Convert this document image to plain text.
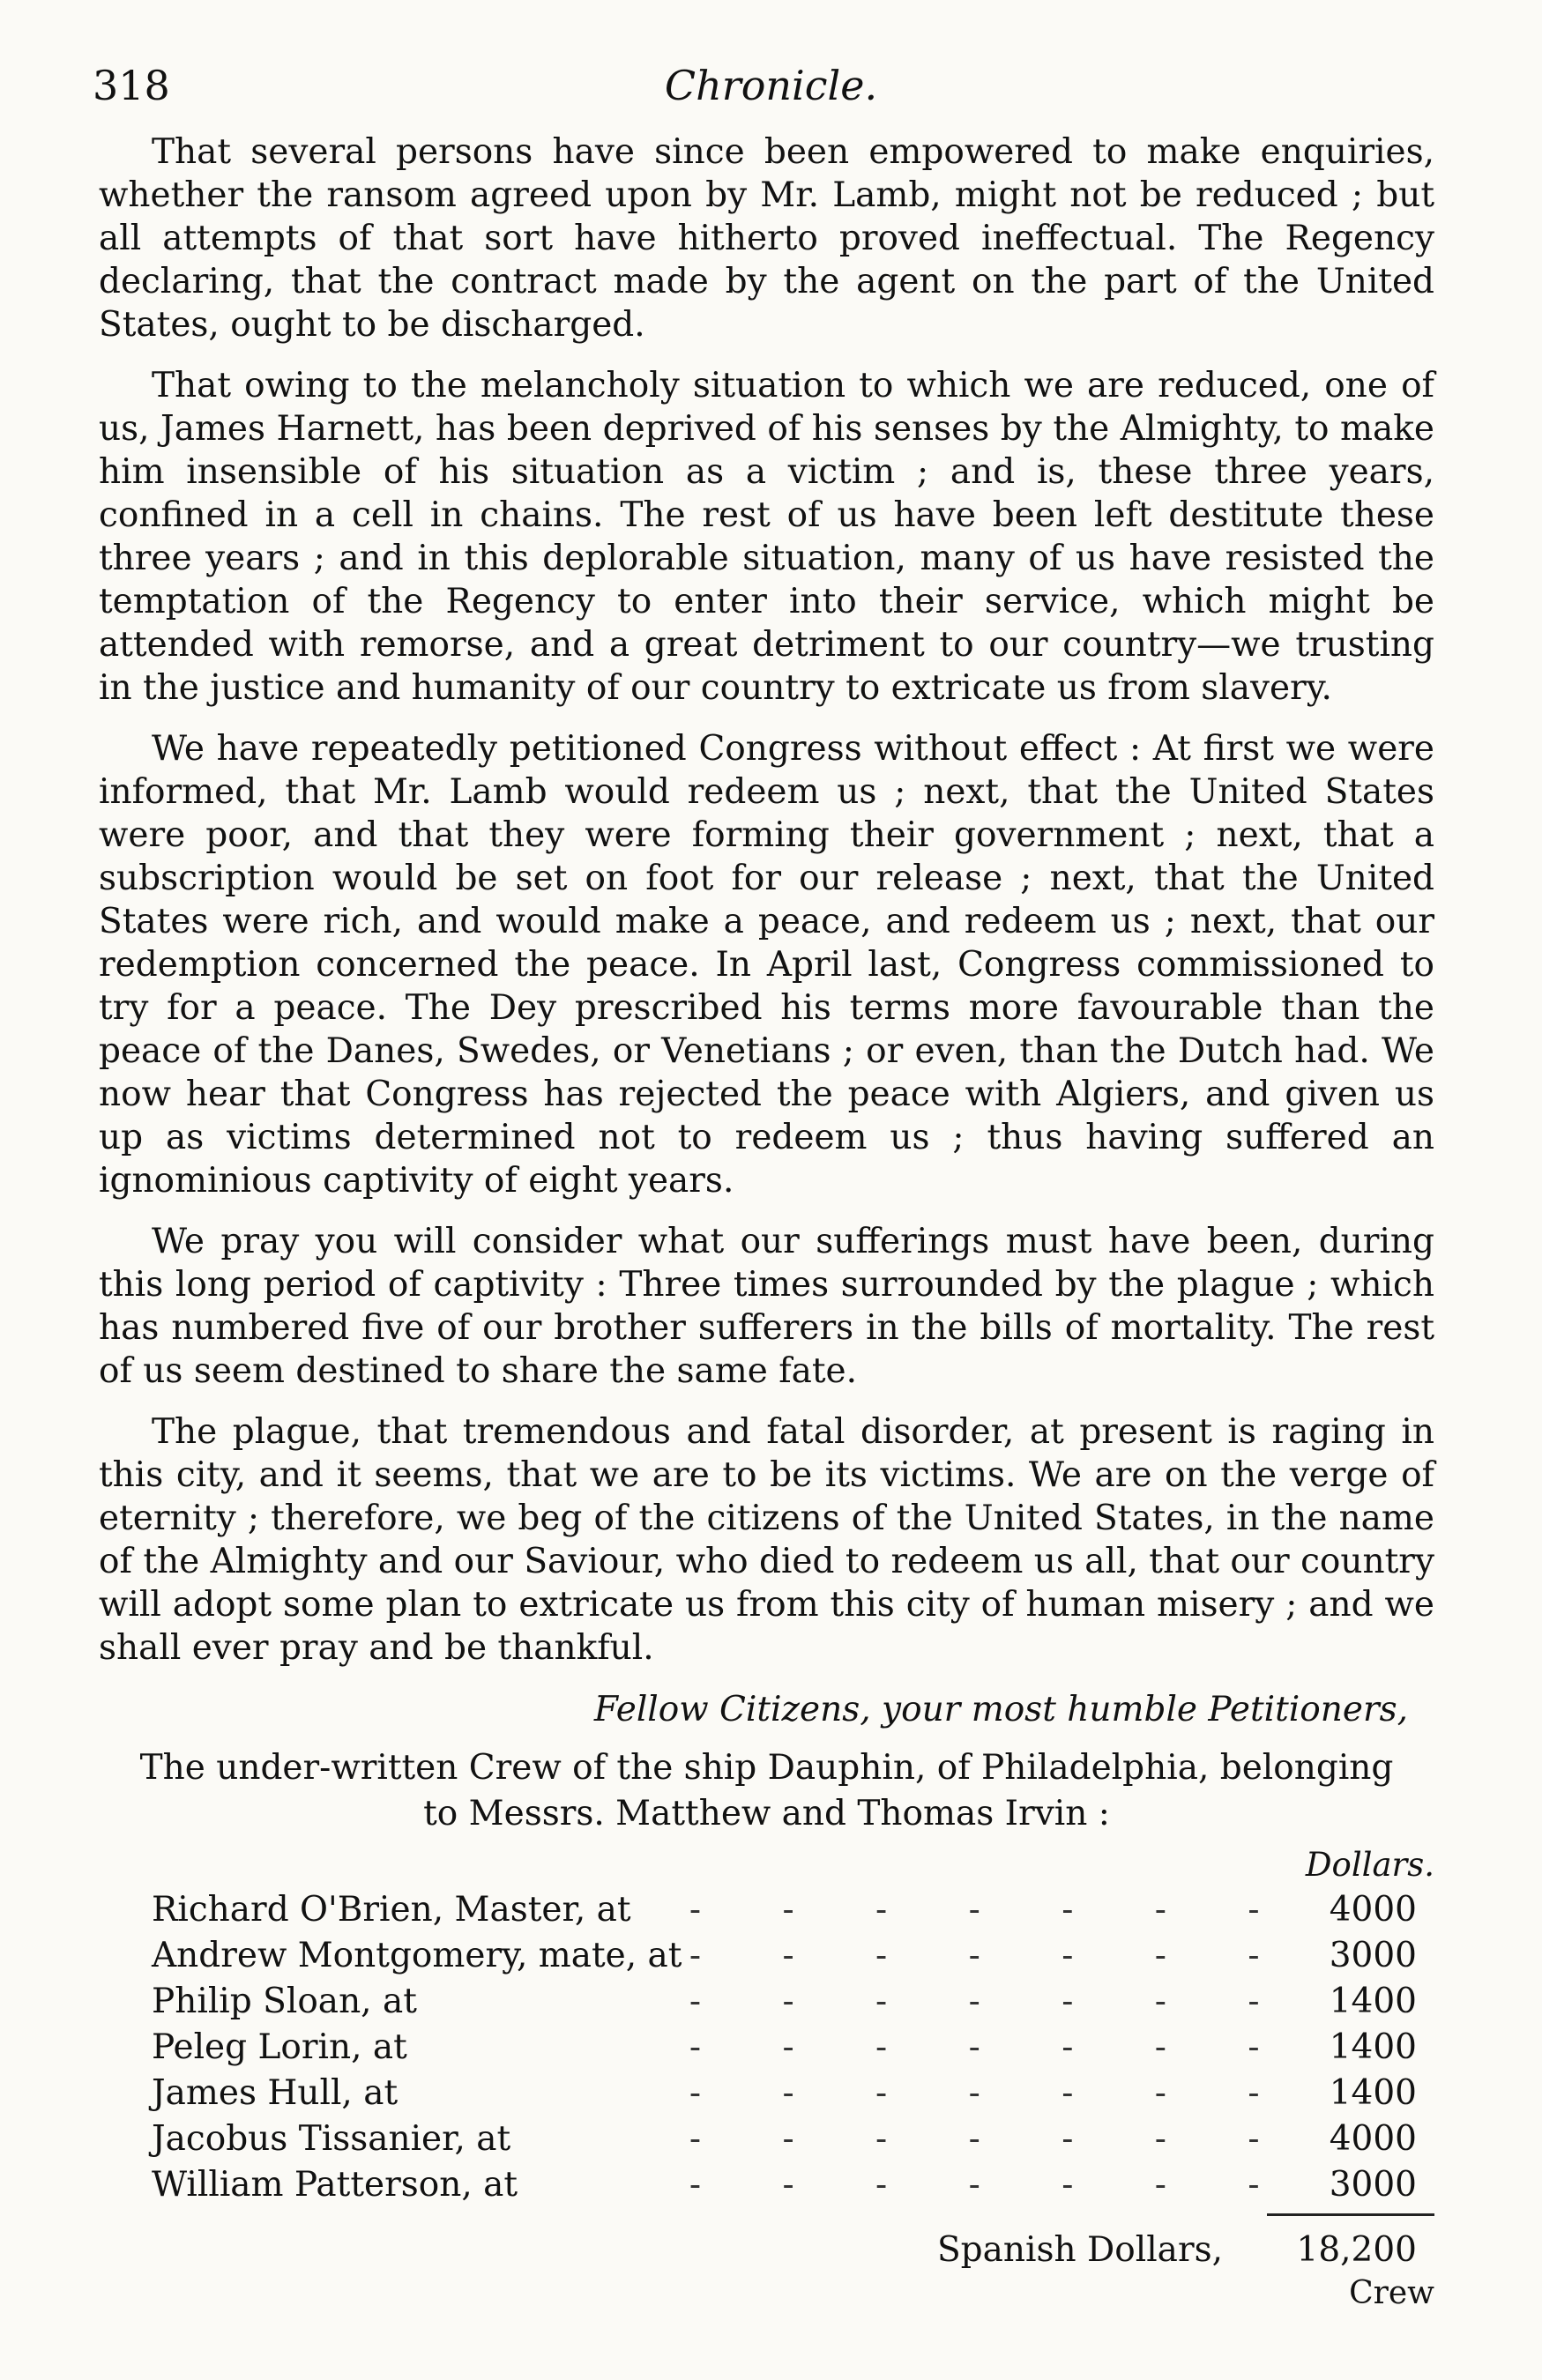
318	Chronicle.

That several persons have since been empowered to make enquiries, whether the ransom agreed upon by Mr. Lamb, might not be reduced ; but all attempts of that sort have hitherto proved ineffectual. The Regency declaring, that the contract made by the agent on the part of the United States, ought to be discharged.

That owing to the melancholy situation to which we are reduced, one of us, James Harnett, has been deprived of his senses by the Almighty, to make him insensible of his situation as a victim ; and is, these three years, confined in a cell in chains. The rest of us have been left destitute these three years ; and in this deplorable situation, many of us have resisted the temptation of the Regency to enter into their service, which might be attended with remorse, and a great detriment to our country—we trusting in the justice and humanity of our country to extricate us from slavery.

We have repeatedly petitioned Congress without effect : At first we were informed, that Mr. Lamb would redeem us ; next, that the United States were poor, and that they were forming their government ; next, that a subscription would be set on foot for our release ; next, that the United States were rich, and would make a peace, and redeem us ; next, that our redemption concerned the peace. In April last, Congress commissioned to try for a peace. The Dey prescribed his terms more favourable than the peace of the Danes, Swedes, or Venetians ; or even, than the Dutch had. We now hear that Congress has rejected the peace with Algiers, and given us up as victims determined not to redeem us ; thus having suffered an ignominious captivity of eight years.

We pray you will consider what our sufferings must have been, during this long period of captivity : Three times surrounded by the plague ; which has numbered five of our brother sufferers in the bills of mortality. The rest of us seem destined to share the same fate.

The plague, that tremendous and fatal disorder, at present is raging in this city, and it seems, that we are to be its victims. We are on the verge of eternity ; therefore, we beg of the citizens of the United States, in the name of the Almighty and our Saviour, who died to redeem us all, that our country will adopt some plan to extricate us from this city of human misery ; and we shall ever pray and be thankful.

Fellow Citizens, your most humble Petitioners,
The under-written Crew of the ship Dauphin, of Philadelphia, belonging
to Messrs. Matthew and Thomas Irvin :
Dollars.
Richard O'Brien, Master, at	- - - - - - -	4000
Andrew Montgomery, mate, at	- - - - - - -	3000
Philip Sloan, at	- - - - - - -	1400
Peleg Lorin, at	- - - - - - -	1400
James Hull, at	- - - - - - -	1400
Jacobus Tissanier, at	- - - - - - -	4000
William Patterson, at	- - - - - - -	3000
Spanish Dollars,	18,200
Crew
